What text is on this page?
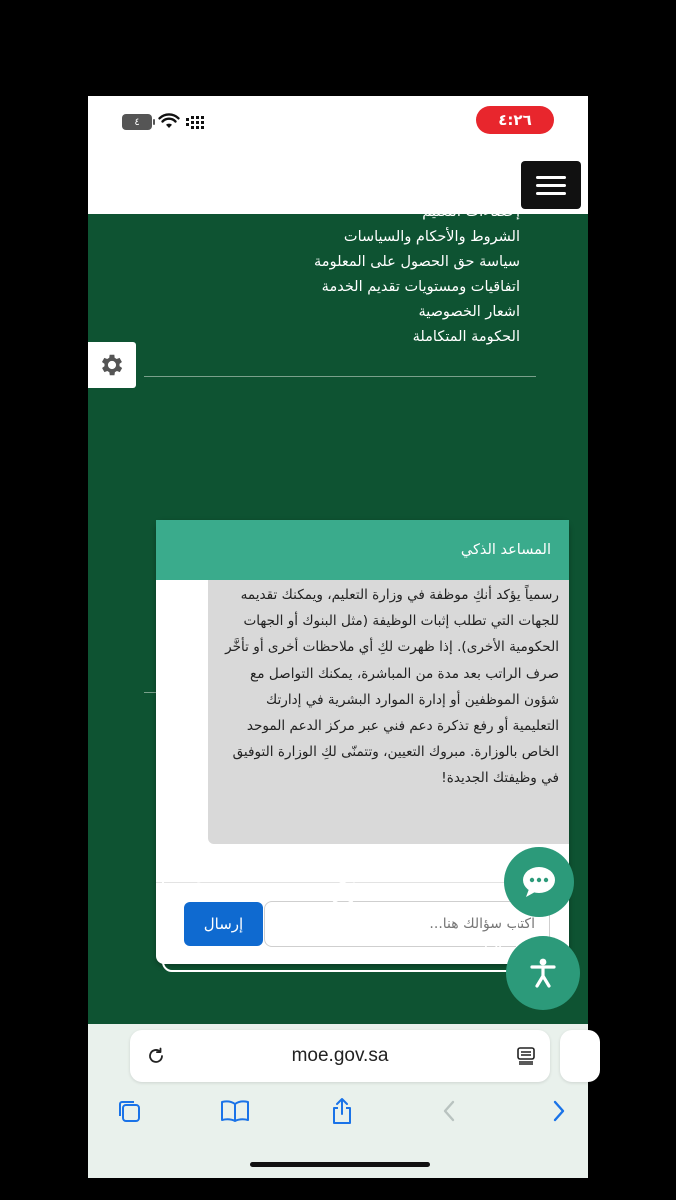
٤	٤:٢٦
إحصاءات التعليم
الشروط والأحكام والسياسات
سياسة حق الحصول على المعلومة
اتفاقيات ومستويات تقديم الخدمة
اشعار الخصوصية
الحكومة المتكاملة
المساعد الذكي
رسمياً يؤكد أنكِ موظفة في وزارة التعليم، ويمكنك تقديمه للجهات التي تطلب إثبات الوظيفة (مثل البنوك أو الجهات الحكومية الأخرى). إذا ظهرت لكِ أي ملاحظات أخرى أو تأخَّر صرف الراتب بعد مدة من المباشرة، يمكنك التواصل مع شؤون الموظفين أو إدارة الموارد البشرية في إدارتك التعليمية أو رفع تذكرة دعم فني عبر مركز الدعم الموحد الخاص بالوزارة. مبروك التعيين، وتتمنّى لكِ الوزارة التوفيق في وظيفتك الجديدة!
اكتب سؤالك هنا...
إرسال
Registered on	مسجلة لدى
هيئـة الحكومة الرقميـة
Digital Government Authority
20231207530
moe.gov.sa
